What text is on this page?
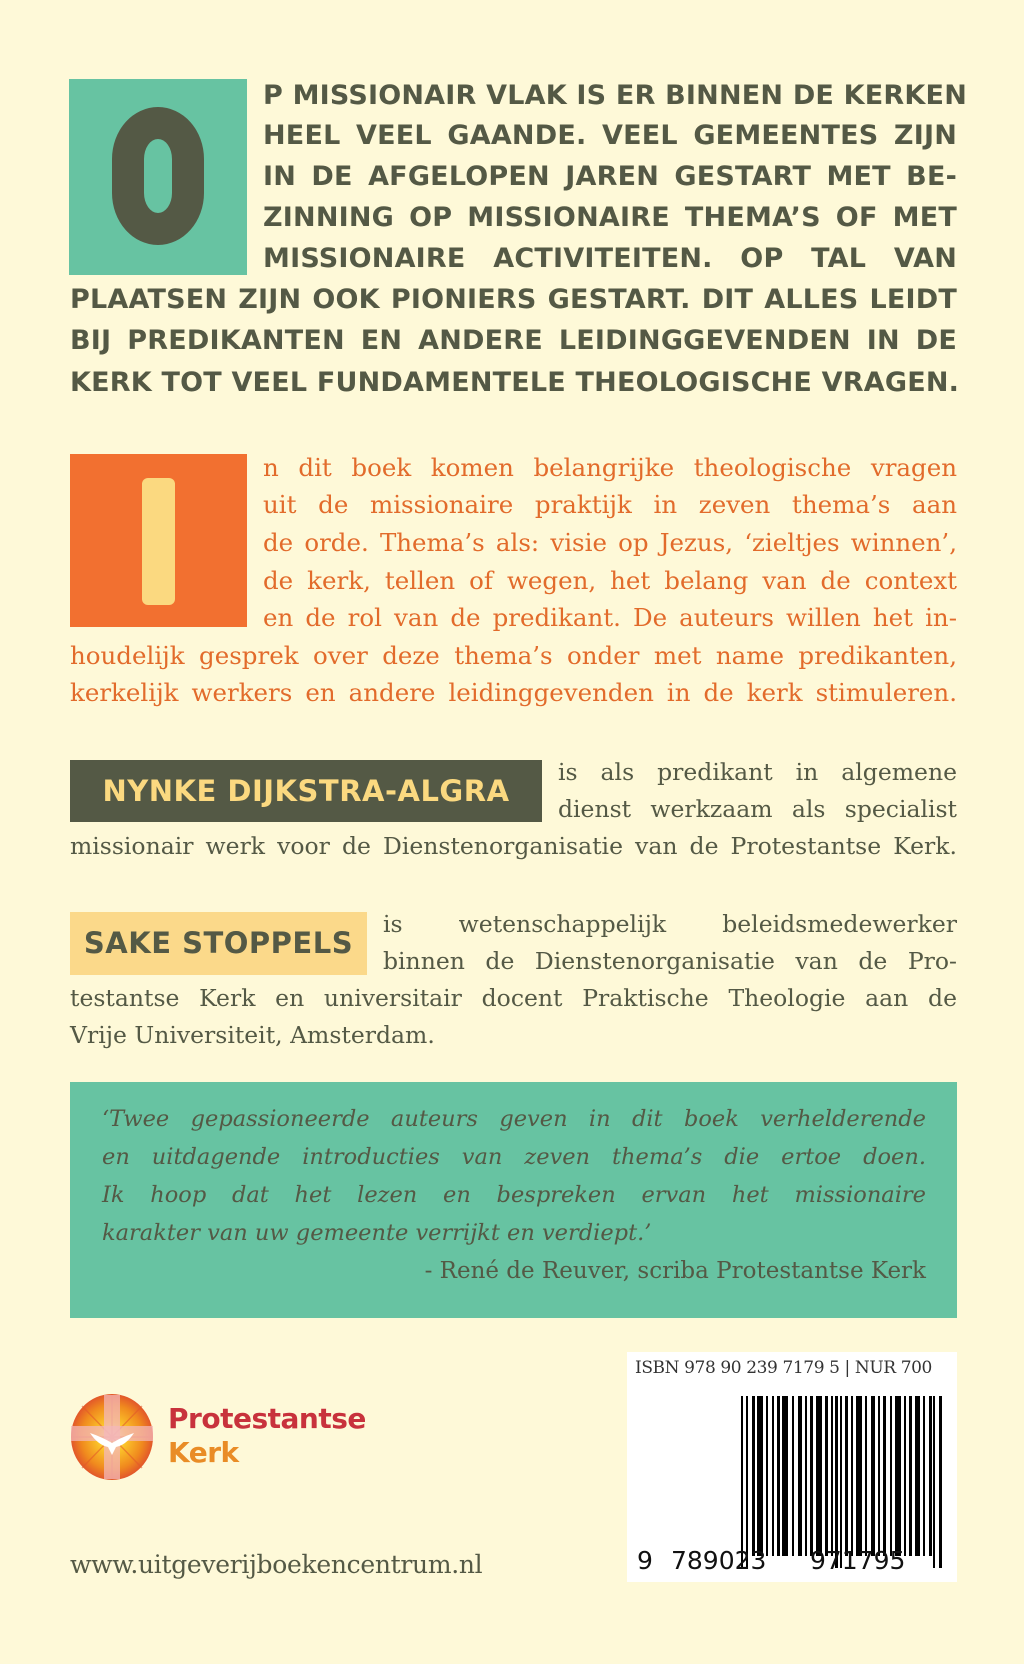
P MISSIONAIR VLAK IS ER BINNEN DE KERKEN
HEEL VEEL GAANDE. VEEL GEMEENTES ZIJN
IN DE AFGELOPEN JAREN GESTART MET BE-
ZINNING OP MISSIONAIRE THEMA’S OF MET
MISSIONAIRE ACTIVITEITEN. OP TAL VAN
PLAATSEN ZIJN OOK PIONIERS GESTART. DIT ALLES LEIDT
BIJ PREDIKANTEN EN ANDERE LEIDINGGEVENDEN IN DE
KERK TOT VEEL FUNDAMENTELE THEOLOGISCHE VRAGEN.
n dit boek komen belangrijke theologische vragen
uit de missionaire praktijk in zeven thema’s aan
de orde. Thema’s als: visie op Jezus, ‘zieltjes winnen’,
de kerk, tellen of wegen, het belang van de context
en de rol van de predikant. De auteurs willen het in-
houdelijk gesprek over deze thema’s onder met name predikanten,
kerkelijk werkers en andere leidinggevenden in de kerk stimuleren.
NYNKE DIJKSTRA-ALGRA
is als predikant in algemene
dienst werkzaam als specialist
missionair werk voor de Dienstenorganisatie van de Protestantse Kerk.
SAKE STOPPELS
is wetenschappelijk beleidsmedewerker
binnen de Dienstenorganisatie van de Pro-
testantse Kerk en universitair docent Praktische Theologie aan de
Vrije Universiteit, Amsterdam.
‘Twee gepassioneerde auteurs geven in dit boek verhelderende
en uitdagende introducties van zeven thema’s die ertoe doen.
Ik hoop dat het lezen en bespreken ervan het missionaire
karakter van uw gemeente verrijkt en verdiept.’
- René de Reuver, scriba Protestantse Kerk
Protestantse
Kerk
www.uitgeverijboekencentrum.nl
ISBN 978 90 239 7179 5 | NUR 700
9 789023 971795
